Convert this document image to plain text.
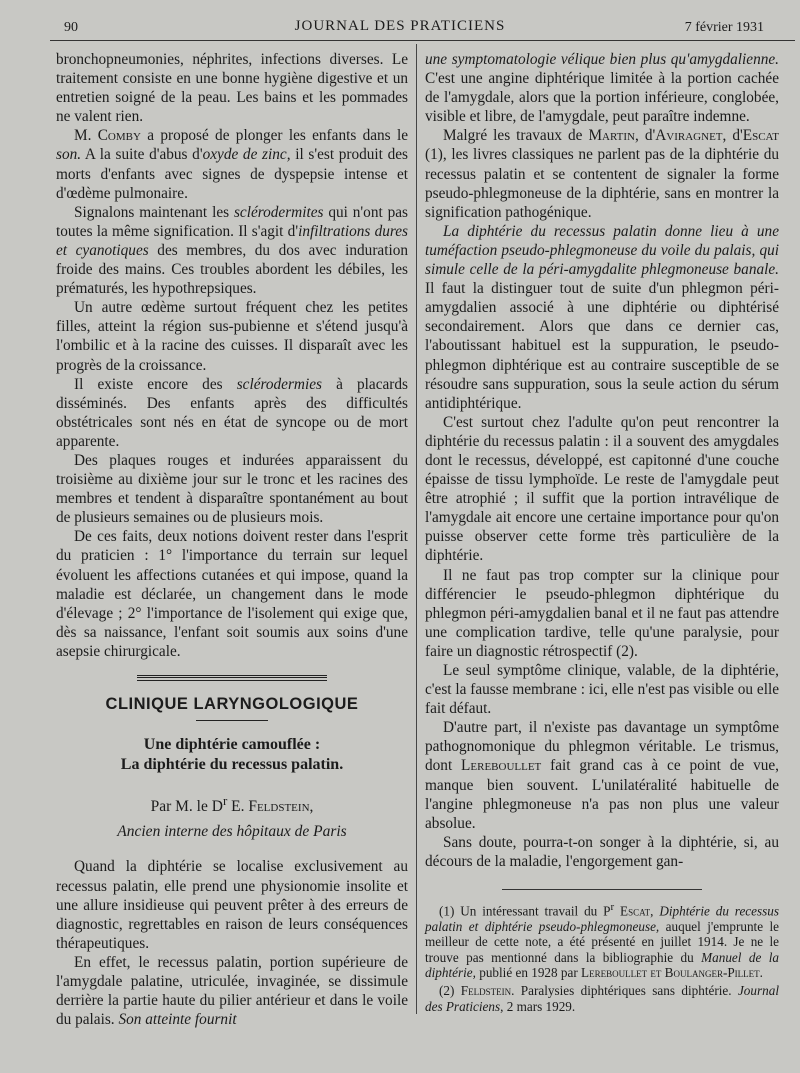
90	JOURNAL DES PRATICIENS	7 février 1931

bronchopneumonies, néphrites, infections diverses. Le traitement consiste en une bonne hygiène digestive et un entretien soigné de la peau. Les bains et les pommades ne valent rien.

M. Comby a proposé de plonger les enfants dans le son. A la suite d'abus d'oxyde de zinc, il s'est produit des morts d'enfants avec signes de dyspepsie intense et d'œdème pulmonaire.

Signalons maintenant les sclérodermites qui n'ont pas toutes la même signification. Il s'agit d'infiltrations dures et cyanotiques des membres, du dos avec induration froide des mains. Ces troubles abordent les débiles, les prématurés, les hypothrepsiques.

Un autre œdème surtout fréquent chez les petites filles, atteint la région sus-pubienne et s'étend jusqu'à l'ombilic et à la racine des cuisses. Il disparaît avec les progrès de la croissance.

Il existe encore des sclérodermies à placards disséminés. Des enfants après des difficultés obstétricales sont nés en état de syncope ou de mort apparente.

Des plaques rouges et indurées apparaissent du troisième au dixième jour sur le tronc et les racines des membres et tendent à disparaître spontanément au bout de plusieurs semaines ou de plusieurs mois.

De ces faits, deux notions doivent rester dans l'esprit du praticien : 1° l'importance du terrain sur lequel évoluent les affections cutanées et qui impose, quand la maladie est déclarée, un changement dans le mode d'élevage ; 2° l'importance de l'isolement qui exige que, dès sa naissance, l'enfant soit soumis aux soins d'une asepsie chirurgicale.

CLINIQUE LARYNGOLOGIQUE
Une diphtérie camouflée :
La diphtérie du recessus palatin.
Par M. le $D^r$ E. Feldstein,
Ancien interne des hôpitaux de Paris

Quand la diphtérie se localise exclusivement au recessus palatin, elle prend une physionomie insolite et une allure insidieuse qui peuvent prêter à des erreurs de diagnostic, regrettables en raison de leurs conséquences thérapeutiques.

En effet, le recessus palatin, portion supérieure de l'amygdale palatine, utriculée, invaginée, se dissimule derrière la partie haute du pilier antérieur et dans le voile du palais. Son atteinte fournit

une symptomatologie vélique bien plus qu'amygdalienne. C'est une angine diphtérique limitée à la portion cachée de l'amygdale, alors que la portion inférieure, conglobée, visible et libre, de l'amygdale, peut paraître indemne.

Malgré les travaux de Martin, d'Aviragnet, d'Escat (1), les livres classiques ne parlent pas de la diphtérie du recessus palatin et se contentent de signaler la forme pseudo-phlegmoneuse de la diphtérie, sans en montrer la signification pathogénique.

La diphtérie du recessus palatin donne lieu à une tuméfaction pseudo-phlegmoneuse du voile du palais, qui simule celle de la péri-amygdalite phlegmoneuse banale. Il faut la distinguer tout de suite d'un phlegmon péri-amygdalien associé à une diphtérie ou diphtérisé secondairement. Alors que dans ce dernier cas, l'aboutissant habituel est la suppuration, le pseudo-phlegmon diphtérique est au contraire susceptible de se résoudre sans suppuration, sous la seule action du sérum antidiphtérique.

C'est surtout chez l'adulte qu'on peut rencontrer la diphtérie du recessus palatin : il a souvent des amygdales dont le recessus, développé, est capitonné d'une couche épaisse de tissu lymphoïde. Le reste de l'amygdale peut être atrophié ; il suffit que la portion intravélique de l'amygdale ait encore une certaine importance pour qu'on puisse observer cette forme très particulière de la diphtérie.

Il ne faut pas trop compter sur la clinique pour différencier le pseudo-phlegmon diphtérique du phlegmon péri-amygdalien banal et il ne faut pas attendre une complication tardive, telle qu'une paralysie, pour faire un diagnostic rétrospectif (2).

Le seul symptôme clinique, valable, de la diphtérie, c'est la fausse membrane : ici, elle n'est pas visible ou elle fait défaut.

D'autre part, il n'existe pas davantage un symptôme pathognomonique du phlegmon véritable. Le trismus, dont Lereboullet fait grand cas à ce point de vue, manque bien souvent. L'unilatéralité habituelle de l'angine phlegmoneuse n'a pas non plus une valeur absolue.

Sans doute, pourra-t-on songer à la diphtérie, si, au décours de la maladie, l'engorgement gan-

(1) Un intéressant travail du $P^r$ Escat, Diphtérie du recessus palatin et diphtérie pseudo-phlegmoneuse, auquel j'emprunte le meilleur de cette note, a été présenté en juillet 1914. Je ne le trouve pas mentionné dans la bibliographie du Manuel de la diphtérie, publié en 1928 par Lereboullet et Boulanger-Pillet.

(2) Feldstein. Paralysies diphtériques sans diphtérie. Journal des Praticiens, 2 mars 1929.
